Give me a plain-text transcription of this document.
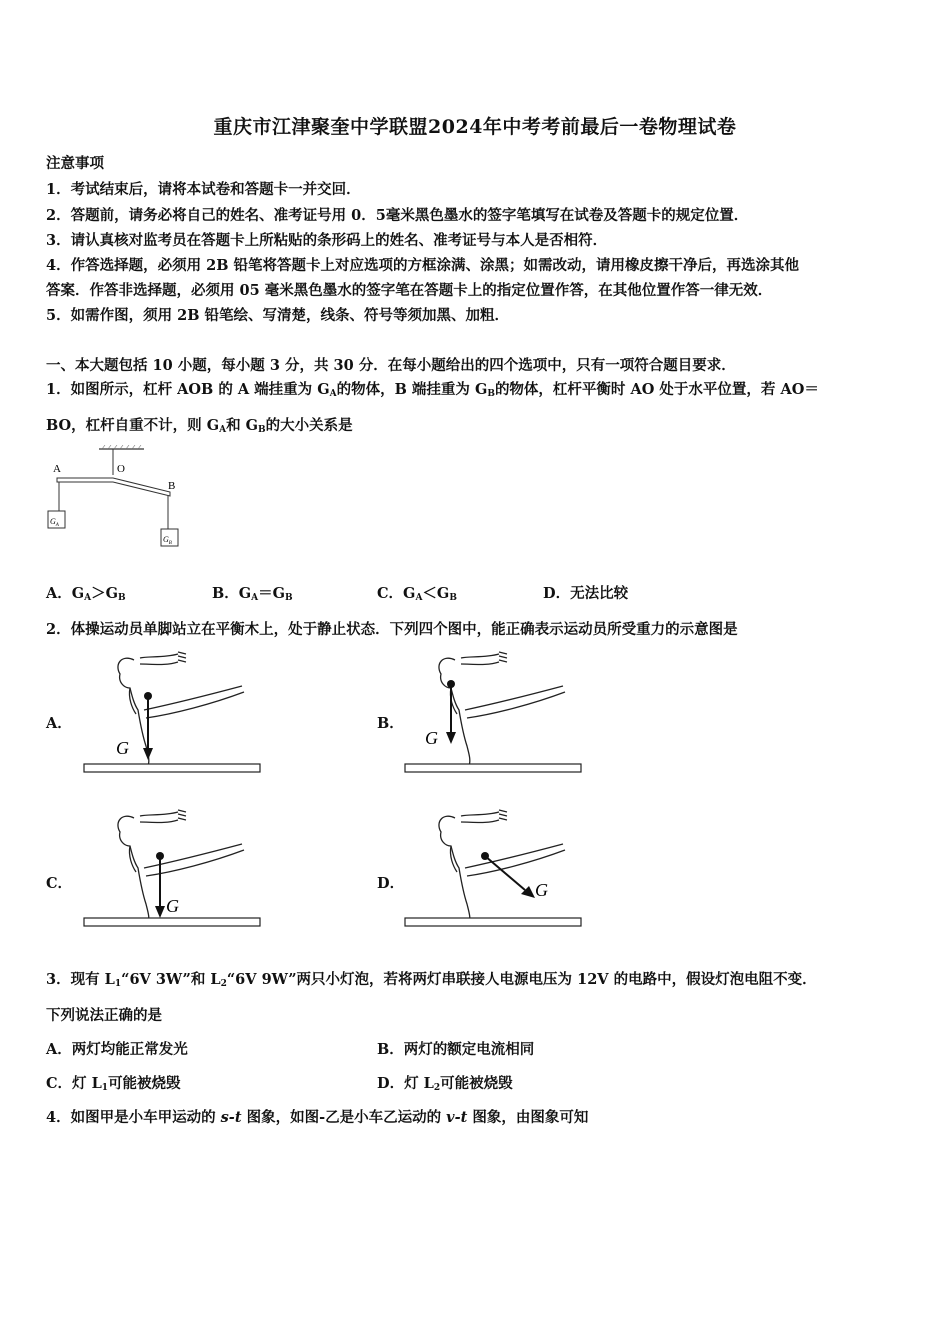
重庆市江津聚奎中学联盟2024年中考考前最后一卷物理试卷
注意事项
1．考试结束后，请将本试卷和答题卡一并交回．
2．答题前，请务必将自己的姓名、准考证号用 0．5毫米黑色墨水的签字笔填写在试卷及答题卡的规定位置．
3．请认真核对监考员在答题卡上所粘贴的条形码上的姓名、准考证号与本人是否相符．
4．作答选择题，必须用 2B 铅笔将答题卡上对应选项的方框涂满、涂黑；如需改动，请用橡皮擦干净后，再选涂其他
答案．作答非选择题，必须用 05 毫米黑色墨水的签字笔在答题卡上的指定位置作答，在其他位置作答一律无效．
5．如需作图，须用 2B 铅笔绘、写清楚，线条、符号等须加黑、加粗．
一、本大题包括 10 小题，每小题 3 分，共 30 分．在每小题给出的四个选项中，只有一项符合题目要求．
1．如图所示，杠杆 AOB 的 A 端挂重为 $G_A$的物体，B 端挂重为 $G_B$的物体，杠杆平衡时 AO 处于水平位置，若 AO＝
BO，杠杆自重不计，则 $G_A$和 $G_B$的大小关系是
A	O
B
$G_A$
$G_B$
A．$G_A>G_B$	B．$G_A=G_B$	C．$G_A<G_B$	D．无法比较
2．体操运动员单脚站立在平衡木上，处于静止状态．下列四个图中，能正确表示运动员所受重力的示意图是
A．	B．
C．	D．
G	G
G
G
3．现有 $L_1“6V$ 3W”和 $L_2“6V$ 9W”两只小灯泡，若将两灯串联接人电源电压为 12V 的电路中，假设灯泡电阻不变．
下列说法正确的是
A．两灯均能正常发光	B．两灯的额定电流相同
C．灯 $L_1$可能被烧毁	D．灯 $L_2$可能被烧毁
4．如图甲是小车甲运动的 s-t 图象，如图-乙是小车乙运动的 v-t 图象，由图象可知
